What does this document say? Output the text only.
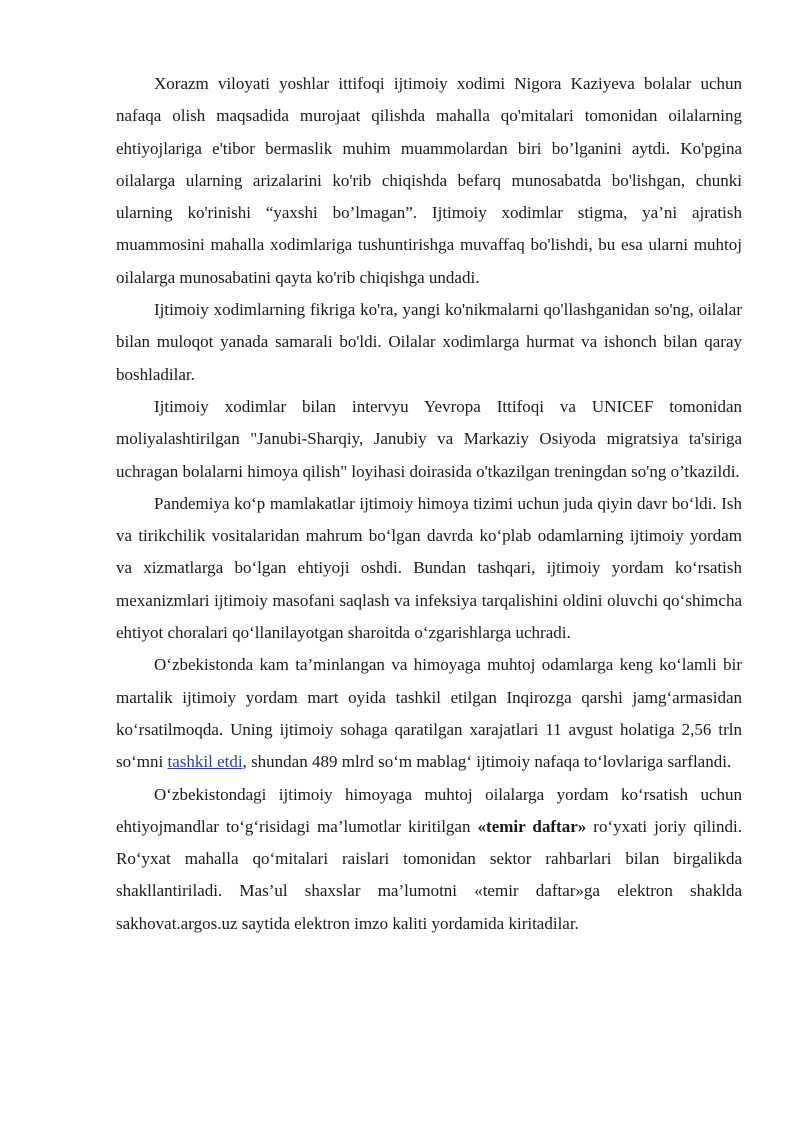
Xorazm viloyati yoshlar ittifoqi ijtimoiy xodimi Nigora Kaziyeva bolalar uchun nafaqa olish maqsadida murojaat qilishda mahalla qo'mitalari tomonidan oilalarning ehtiyojlariga e'tibor bermaslik muhim muammolardan biri bo’lganini aytdi. Ko'pgina oilalarga ularning arizalarini ko'rib chiqishda befarq munosabatda bo'lishgan, chunki ularning ko'rinishi “yaxshi bo’lmagan”. Ijtimoiy xodimlar stigma, ya’ni ajratish muammosini mahalla xodimlariga tushuntirishga muvaffaq bo'lishdi, bu esa ularni muhtoj oilalarga munosabatini qayta ko'rib chiqishga undadi.

Ijtimoiy xodimlarning fikriga ko'ra, yangi ko'nikmalarni qo'llashganidan so'ng, oilalar bilan muloqot yanada samarali bo'ldi. Oilalar xodimlarga hurmat va ishonch bilan qaray boshladilar.

Ijtimoiy xodimlar bilan intervyu Yevropa Ittifoqi va UNICEF tomonidan moliyalashtirilgan "Janubi-Sharqiy, Janubiy va Markaziy Osiyoda migratsiya ta'siriga uchragan bolalarni himoya qilish" loyihasi doirasida o'tkazilgan treningdan so'ng o’tkazildi.

Pandemiya ko‘p mamlakatlar ijtimoiy himoya tizimi uchun juda qiyin davr bo‘ldi. Ish va tirikchilik vositalaridan mahrum bo‘lgan davrda ko‘plab odamlarning ijtimoiy yordam va xizmatlarga bo‘lgan ehtiyoji oshdi. Bundan tashqari, ijtimoiy yordam ko‘rsatish mexanizmlari ijtimoiy masofani saqlash va infeksiya tarqalishini oldini oluvchi qo‘shimcha ehtiyot choralari qo‘llanilayotgan sharoitda o‘zgarishlarga uchradi.

O‘zbekistonda kam ta’minlangan va himoyaga muhtoj odamlarga keng ko‘lamli bir martalik ijtimoiy yordam mart oyida tashkil etilgan Inqirozga qarshi jamg‘armasidan ko‘rsatilmoqda. Uning ijtimoiy sohaga qaratilgan xarajatlari 11 avgust holatiga 2,56 trln so‘mni tashkil etdi, shundan 489 mlrd so‘m mablag‘ ijtimoiy nafaqa to‘lovlariga sarflandi.

O‘zbekistondagi ijtimoiy himoyaga muhtoj oilalarga yordam ko‘rsatish uchun ehtiyojmandlar to‘g‘risidagi ma’lumotlar kiritilgan «temir daftar» ro‘yxati joriy qilindi. Ro‘yxat mahalla qo‘mitalari raislari tomonidan sektor rahbarlari bilan birgalikda shakllantiriladi. Mas’ul shaxslar ma’lumotni «temir daftar»ga elektron shaklda sakhovat.argos.uz saytida elektron imzo kaliti yordamida kiritadilar.
